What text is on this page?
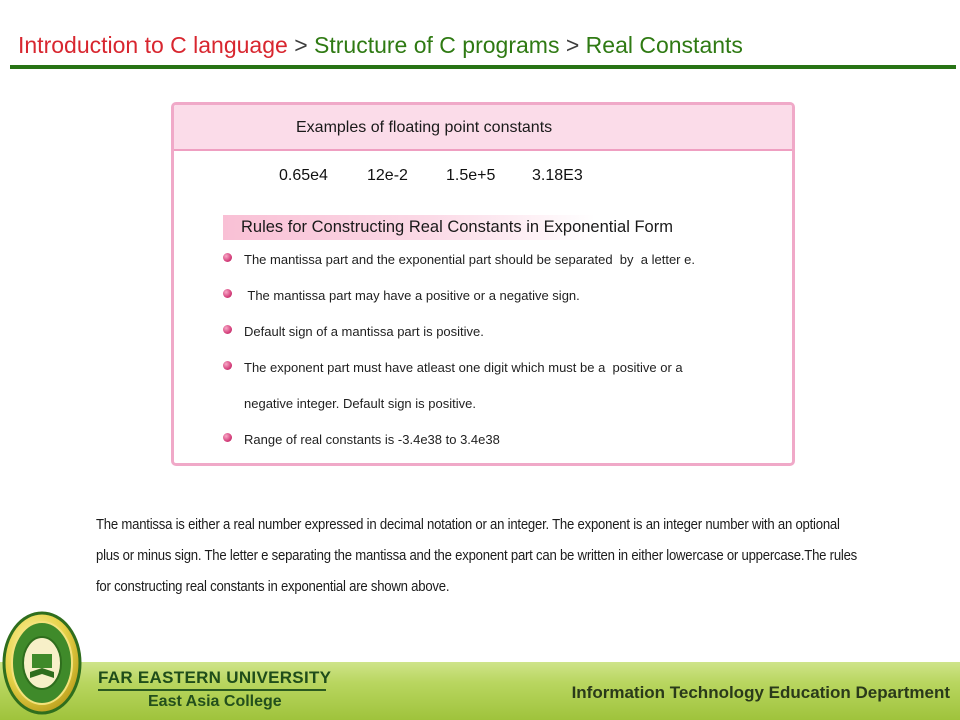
Introduction to C language > Structure of C programs > Real Constants
Examples of floating point constants
0.65e4 12e-2 1.5e+5 3.18E3
Rules for Constructing Real Constants in Exponential Form
The mantissa part and the exponential part should be separated  by  a letter e.
The mantissa part may have a positive or a negative sign.
Default sign of a mantissa part is positive.
The exponent part must have atleast one digit which must be a  positive or a
negative integer. Default sign is positive.
Range of real constants is -3.4e38 to 3.4e38
The mantissa is either a real number expressed in decimal notation or an integer. The exponent is an integer number with an optional
plus or minus sign. The letter e separating the mantissa and the exponent part can be written in either lowercase or uppercase.The rules
for constructing real constants in exponential are shown above.
FAR EASTERN UNIVERSITY
East Asia College	Information Technology Education Department
